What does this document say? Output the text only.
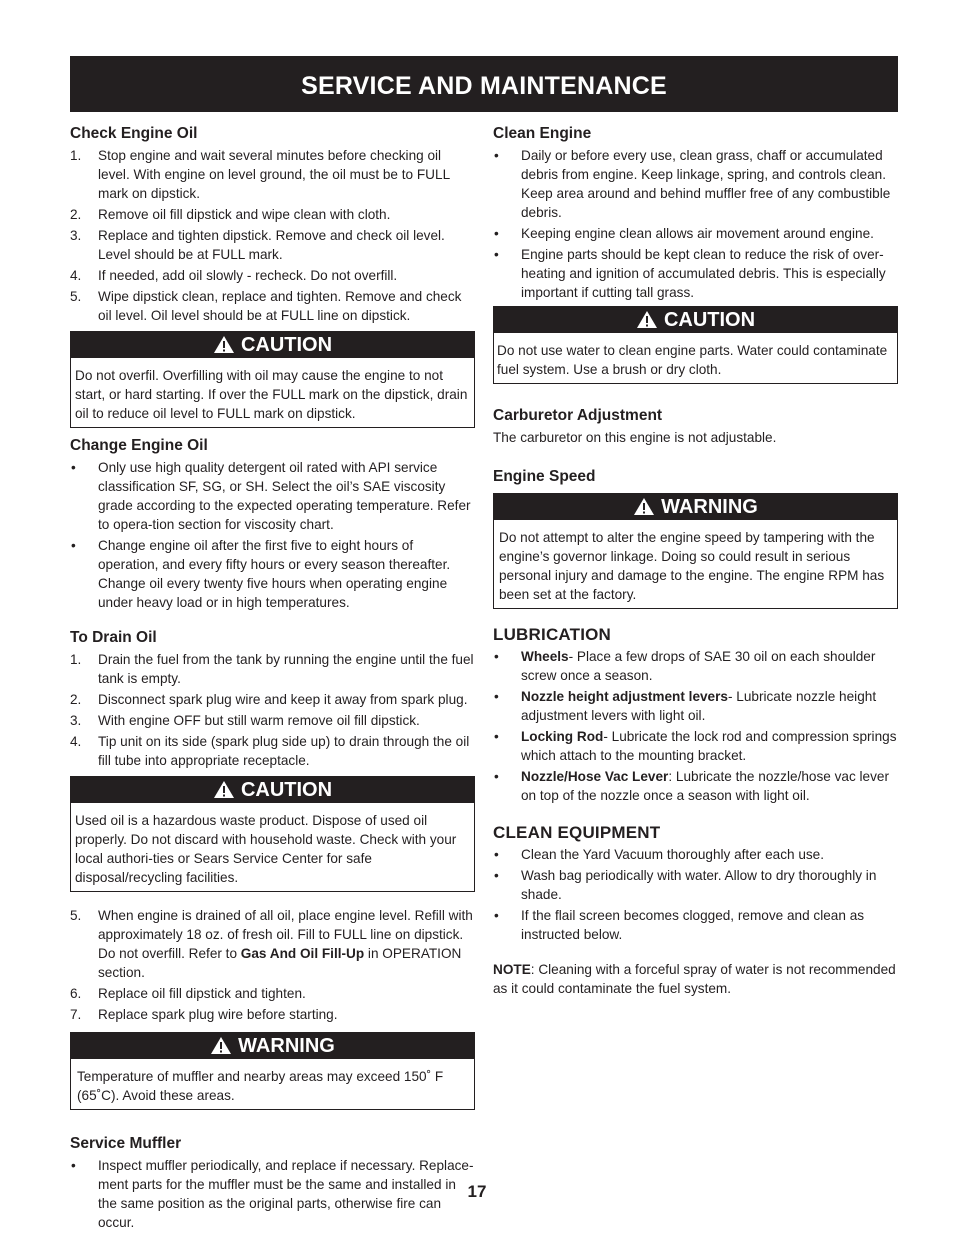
SERVICE AND MAINTENANCE
Check Engine Oil
1. Stop engine and wait several minutes before checking oil level. With engine on level ground, the oil must be to FULL mark on dipstick.
2. Remove oil fill dipstick and wipe clean with cloth.
3. Replace and tighten dipstick. Remove and check oil level. Level should be at FULL mark.
4. If needed, add oil slowly - recheck. Do not overfill.
5. Wipe dipstick clean, replace and tighten. Remove and check oil level. Oil level should be at FULL line on dipstick.
CAUTION
Do not overfil. Overfilling with oil may cause the engine to not start, or hard starting. If over the FULL mark on the dipstick, drain oil to reduce oil level to FULL mark on dipstick.
Change Engine Oil
• Only use high quality detergent oil rated with API service classification SF, SG, or SH. Select the oil’s SAE viscosity grade according to the expected operating temperature. Refer to opera-tion section for viscosity chart.
• Change engine oil after the first five to eight hours of operation, and every fifty hours or every season thereafter. Change oil every twenty five hours when operating engine under heavy load or in high temperatures.
To Drain Oil
1. Drain the fuel from the tank by running the engine until the fuel tank is empty.
2. Disconnect spark plug wire and keep it away from spark plug.
3. With engine OFF but still warm remove oil fill dipstick.
4. Tip unit on its side (spark plug side up) to drain through the oil fill tube into appropriate receptacle.
CAUTION
Used oil is a hazardous waste product. Dispose of used oil properly. Do not discard with household waste. Check with your local authori-ties or Sears Service Center for safe disposal/recycling facilities.
5. When engine is drained of all oil, place engine level. Refill with approximately 18 oz. of fresh oil. Fill to FULL line on dipstick. Do not overfill. Refer to Gas And Oil Fill-Up in OPERATION section.
6. Replace oil fill dipstick and tighten.
7. Replace spark plug wire before starting.
WARNING
Temperature of muffler and nearby areas may exceed 150˚ F (65˚C). Avoid these areas.
Service Muffler
• Inspect muffler periodically, and replace if necessary. Replace-ment parts for the muffler must be the same and installed in the same position as the original parts, otherwise fire can occur.
Clean Engine
• Daily or before every use, clean grass, chaff or accumulated debris from engine. Keep linkage, spring, and controls clean. Keep area around and behind muffler free of any combustible debris.
• Keeping engine clean allows air movement around engine.
• Engine parts should be kept clean to reduce the risk of over-heating and ignition of accumulated debris. This is especially important if cutting tall grass.
CAUTION
Do not use water to clean engine parts. Water could contaminate fuel system. Use a brush or dry cloth.
Carburetor Adjustment

The carburetor on this engine is not adjustable.

Engine Speed
WARNING
Do not attempt to alter the engine speed by tampering with the engine’s governor linkage. Doing so could result in serious personal injury and damage to the engine. The engine RPM has been set at the factory.
LUBRICATION
• Wheels- Place a few drops of SAE 30 oil on each shoulder screw once a season.
• Nozzle height adjustment levers- Lubricate nozzle height adjustment levers with light oil.
• Locking Rod- Lubricate the lock rod and compression springs which attach to the mounting bracket.
• Nozzle/Hose Vac Lever: Lubricate the nozzle/hose vac lever on top of the nozzle once a season with light oil.
CLEAN EQUIPMENT
• Clean the Yard Vacuum thoroughly after each use.
• Wash bag periodically with water. Allow to dry thoroughly in shade.
• If the flail screen becomes clogged, remove and clean as instructed below.

NOTE: Cleaning with a forceful spray of water is not recommended as it could contaminate the fuel system.

17
